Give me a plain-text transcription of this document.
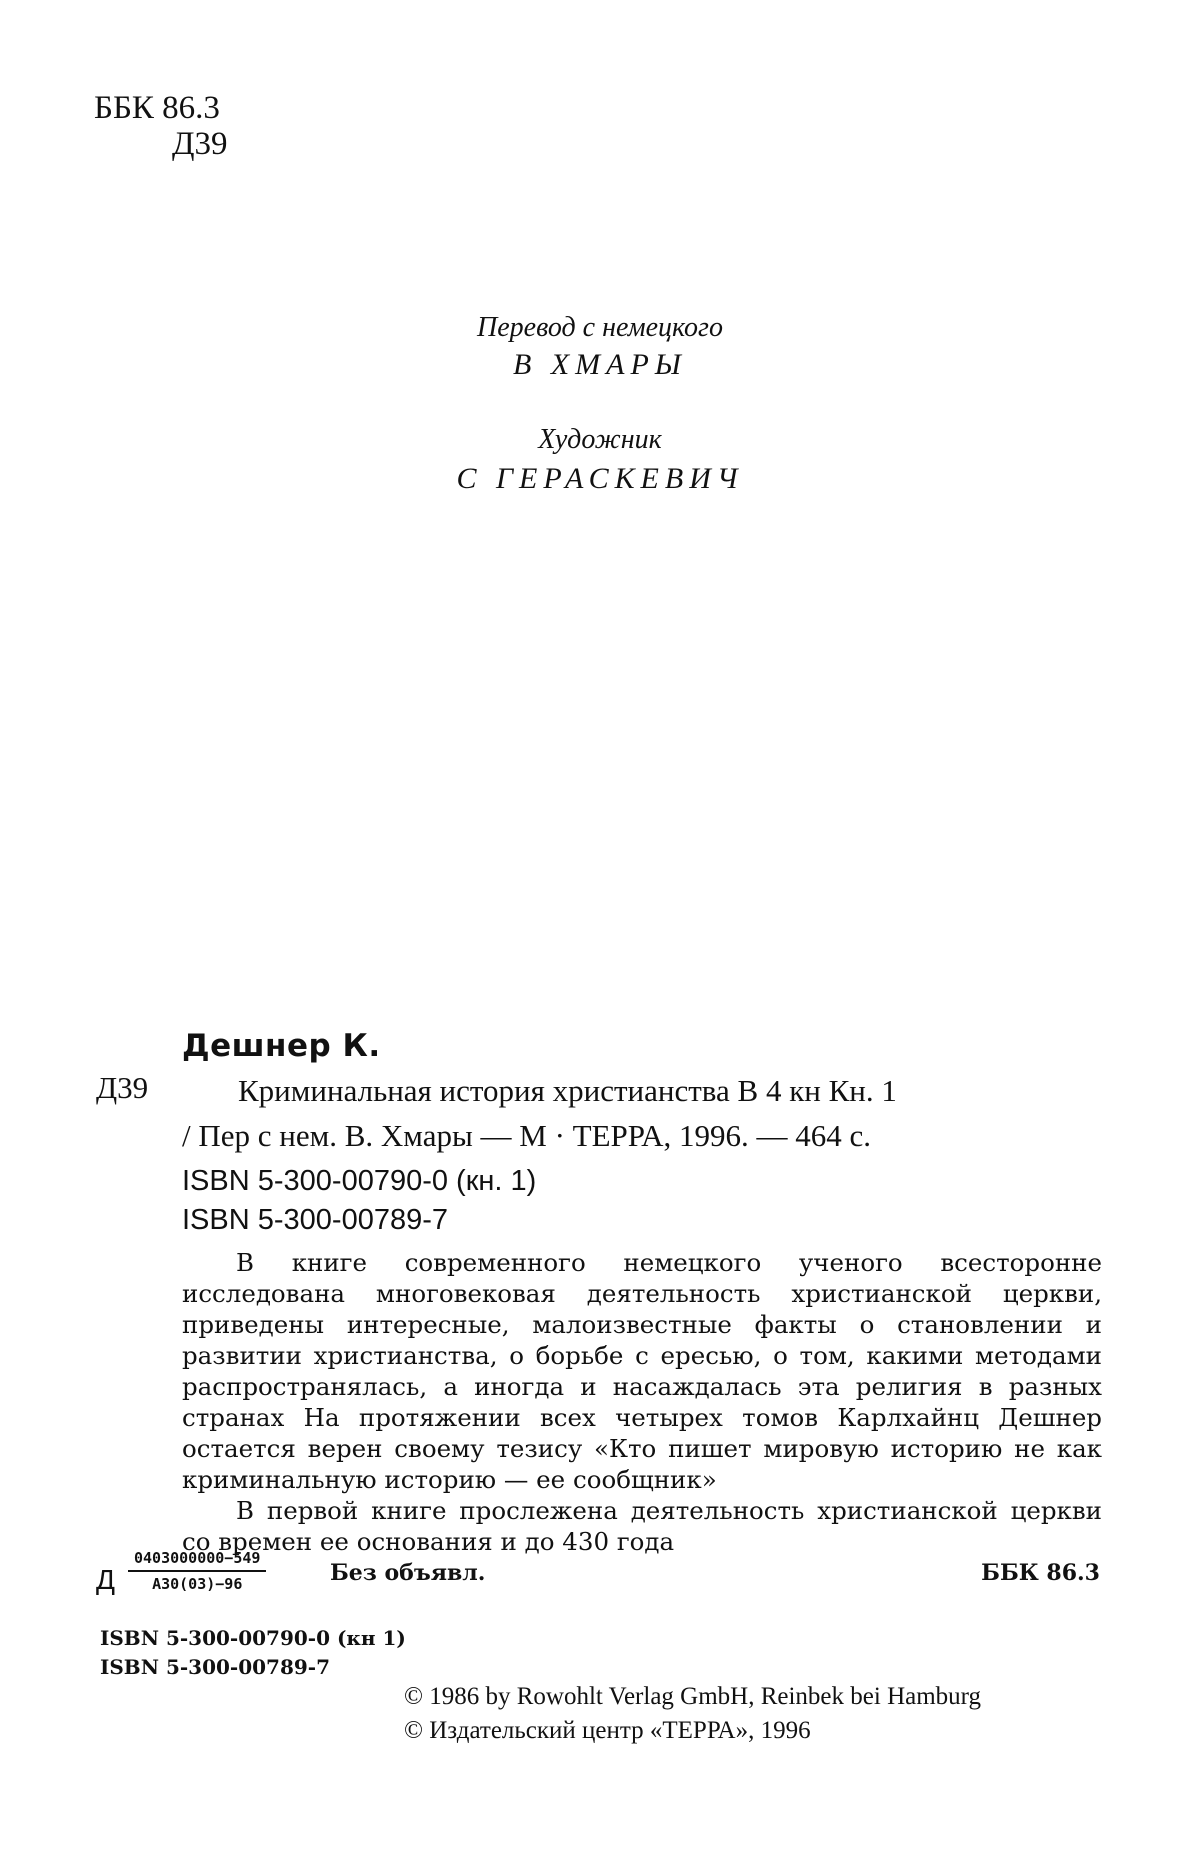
ББК 86.3
Д39
Перевод с немецкого
В ХМАРЫ
Художник
С ГЕРАСКЕВИЧ
Дешнер К.
Д39	Криминальная история христианства В 4 кн Кн. 1
/ Пер с нем. В. Хмары — М · ТЕРРА, 1996. — 464 с.
ISBN 5-300-00790-0 (кн. 1)
ISBN 5-300-00789-7

В книге современного немецкого ученого всесторонне исследована многовековая деятельность христианской церкви, приведены интересные, малоизвестные факты о становлении и развитии христианства, о борьбе с ересью, о том, какими методами распространялась, а иногда и насаждалась эта религия в разных странах На протяжении всех четырех томов Карлхайнц Дешнер остается верен своему тезису «Кто пишет мировую историю не как криминальную историю — ее сообщник»

В первой книге прослежена деятельность христианской церкви со времен ее основания и до 430 года

Д
0403000000−549
А30(03)−96	Без объявл.	ББК 86.3
ISBN 5-300-00790-0 (кн 1)
ISBN 5-300-00789-7
© 1986 by Rowohlt Verlag GmbH, Reinbek bei Hamburg
© Издательский центр «ТЕРРА», 1996
